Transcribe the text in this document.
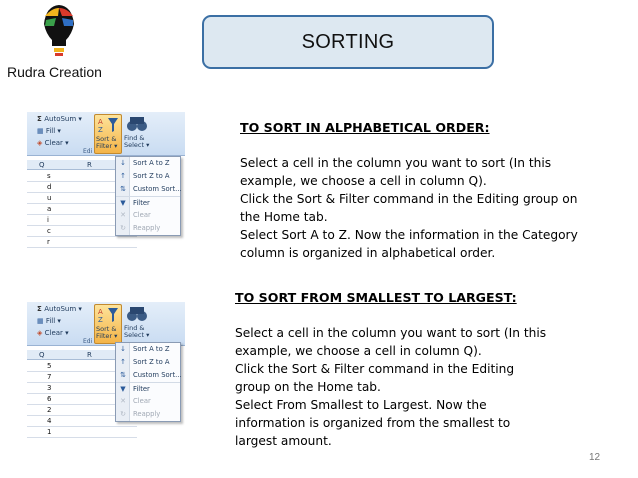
Rudra Creation
SORTING
Σ AutoSum ▾
▦ Fill ▾
◈ Clear ▾
A
Z
Sort &
Filter ▾
Find &
Select ▾
Edi
Q	R
s
d
u
a
i
c
r
↓	Sort A to Z
↑	Sort Z to A
⇅	Custom Sort...
▼	Filter
✕	Clear
↻	Reapply
Σ AutoSum ▾
▦ Fill ▾
◈ Clear ▾
A
Z
Sort &
Filter ▾
Find &
Select ▾
Edi
Q	R
5
7
3
6
2
4
1
↓	Sort A to Z
↑	Sort Z to A
⇅	Custom Sort...
▼	Filter
✕	Clear
↻	Reapply
TO SORT IN ALPHABETICAL ORDER:
Select a cell in the column you want to sort (In this
example, we choose a cell in column Q).
Click the Sort & Filter command in the Editing group on
the Home tab.
Select Sort A to Z. Now the information in the Category
column is organized in alphabetical order.
TO SORT FROM SMALLEST TO LARGEST:
Select a cell in the column you want to sort (In this
example, we choose a cell in column Q).
Click the Sort & Filter command in the Editing
group on the Home tab.
Select From Smallest to Largest. Now the
information is organized from the smallest to
largest amount.
12
